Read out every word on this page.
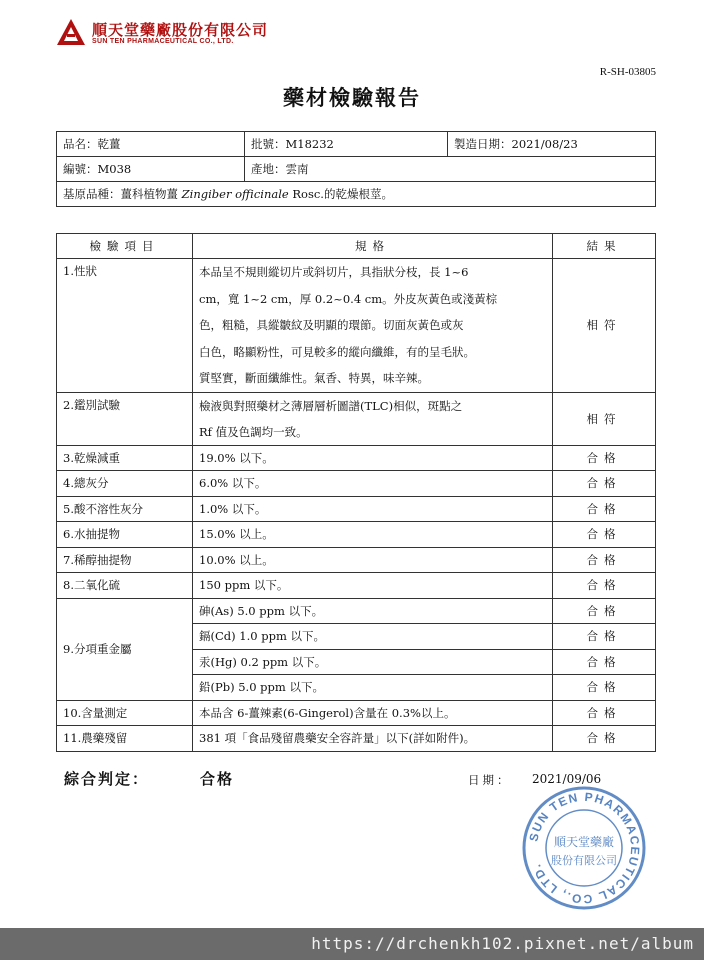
順天堂藥廠股份有限公司
SUN TEN PHARMACEUTICAL CO., LTD.
R-SH-03805
藥材檢驗報告
品名：乾薑	批號：M18232	製造日期：2021/08/23
編號：M038	產地：雲南	
基原品種：薑科植物薑 Zingiber officinale Rosc.的乾燥根莖。		
檢驗項目	規格	結果
1.性狀	本品呈不規則縱切片或斜切片，具指狀分枝，長 1~6
cm，寬 1~2 cm，厚 0.2~0.4 cm。外皮灰黃色或淺黃棕
色，粗糙，具縱皺紋及明顯的環節。切面灰黃色或灰
白色，略顯粉性，可見較多的縱向纖維，有的呈毛狀。
質堅實，斷面纖維性。氣香、特異，味辛辣。	相符
2.鑑別試驗	檢液與對照藥材之薄層層析圖譜(TLC)相似，斑點之
Rf 值及色調均一致。	相符
3.乾燥減重	19.0% 以下。	合格
4.總灰分	6.0% 以下。	合格
5.酸不溶性灰分	1.0% 以下。	合格
6.水抽提物	15.0% 以上。	合格
7.稀醇抽提物	10.0% 以上。	合格
8.二氧化硫	150 ppm 以下。	合格
9.分項重金屬	砷(As) 5.0 ppm 以下。	合格
	鎘(Cd) 1.0 ppm 以下。	合格
	汞(Hg) 0.2 ppm 以下。	合格
	鉛(Pb) 5.0 ppm 以下。	合格
10.含量測定	本品含 6-薑辣素(6-Gingerol)含量在 0.3%以上。	合格
11.農藥殘留	381 項「食品殘留農藥安全容許量」以下(詳如附件)。	合格
綜合判定：	合格	日期： 2021/09/06
SUN TEN PHARMACEUTICAL CO., LTD.
順天堂藥廠
股份有限公司
https://drchenkh102.pixnet.net/album
